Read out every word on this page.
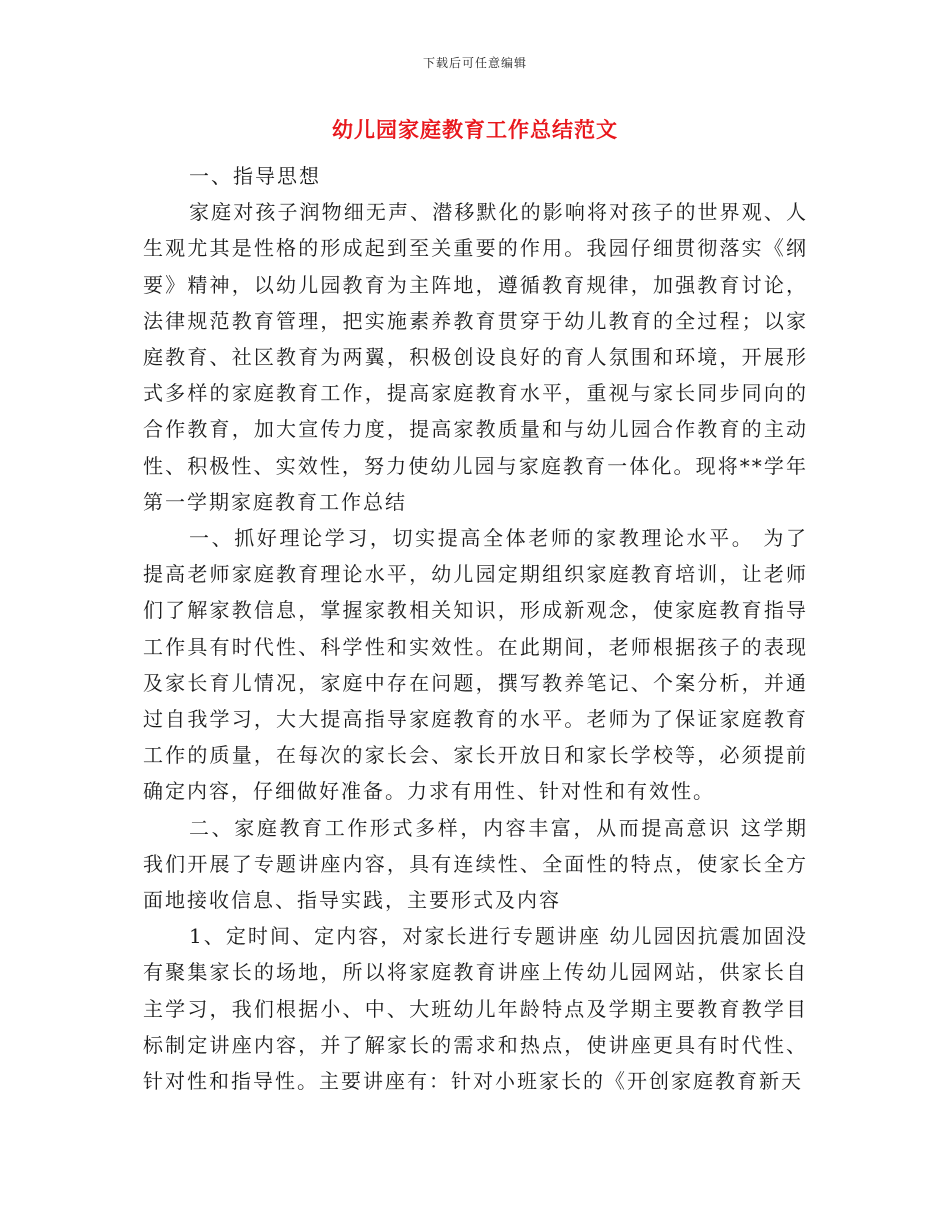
下载后可任意编辑
幼儿园家庭教育工作总结范文

一、指导思想

家庭对孩子润物细无声、潜移默化的影响将对孩子的世界观、人生观尤其是性格的形成起到至关重要的作用。我园仔细贯彻落实《纲要》精神，以幼儿园教育为主阵地，遵循教育规律，加强教育讨论，法律规范教育管理，把实施素养教育贯穿于幼儿教育的全过程；以家庭教育、社区教育为两翼，积极创设良好的育人氛围和环境，开展形式多样的家庭教育工作，提高家庭教育水平，重视与家长同步同向的合作教育，加大宣传力度，提高家教质量和与幼儿园合作教育的主动性、积极性、实效性，努力使幼儿园与家庭教育一体化。现将**学年第一学期家庭教育工作总结

一、抓好理论学习，切实提高全体老师的家教理论水平。 为了提高老师家庭教育理论水平，幼儿园定期组织家庭教育培训，让老师们了解家教信息，掌握家教相关知识，形成新观念，使家庭教育指导工作具有时代性、科学性和实效性。在此期间，老师根据孩子的表现及家长育儿情况，家庭中存在问题，撰写教养笔记、个案分析，并通过自我学习，大大提高指导家庭教育的水平。老师为了保证家庭教育工作的质量，在每次的家长会、家长开放日和家长学校等，必须提前确定内容，仔细做好准备。力求有用性、针对性和有效性。

二、家庭教育工作形式多样，内容丰富，从而提高意识 这学期我们开展了专题讲座内容，具有连续性、全面性的特点，使家长全方面地接收信息、指导实践，主要形式及内容

1、定时间、定内容，对家长进行专题讲座 幼儿园因抗震加固没有聚集家长的场地，所以将家庭教育讲座上传幼儿园网站，供家长自主学习，我们根据小、中、大班幼儿年龄特点及学期主要教育教学目标制定讲座内容，并了解家长的需求和热点，使讲座更具有时代性、针对性和指导性。主要讲座有：针对小班家长的《开创家庭教育新天
